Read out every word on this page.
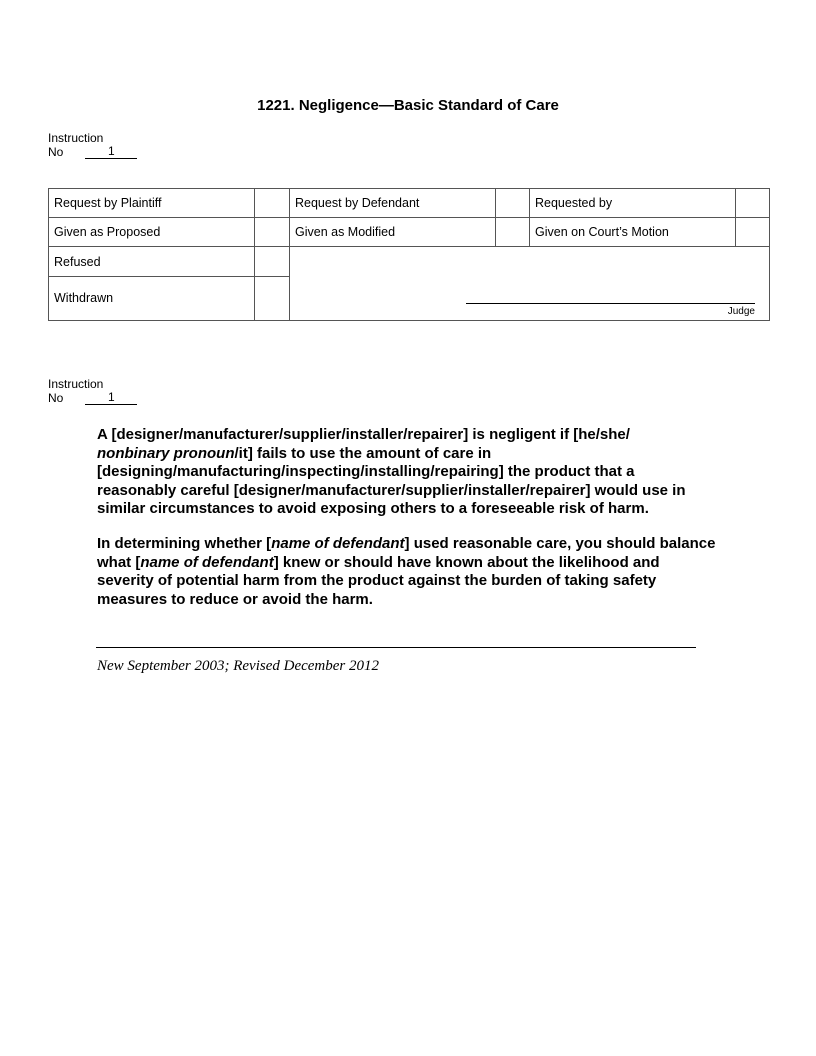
1221. Negligence—Basic Standard of Care
Instruction
No	1
Request by Plaintiff		Request by Defendant		Requested by	
Given as Proposed		Given as Modified		Given on Court’s Motion	
Refused		Judge			

Withdrawn					
Instruction
No	1
A [designer/manufacturer/supplier/installer/repairer] is negligent if [he/she/
nonbinary pronoun/it] fails to use the amount of care in [designing/manufacturing/inspecting/installing/repairing] the product that a reasonably careful [designer/manufacturer/supplier/installer/repairer] would use in similar circumstances to avoid exposing others to a foreseeable risk of harm.
In determining whether [name of defendant] used reasonable care, you should balance what [name of defendant] knew or should have known about the likelihood and severity of potential harm from the product against the burden of taking safety measures to reduce or avoid the harm.
New September 2003; Revised December 2012
